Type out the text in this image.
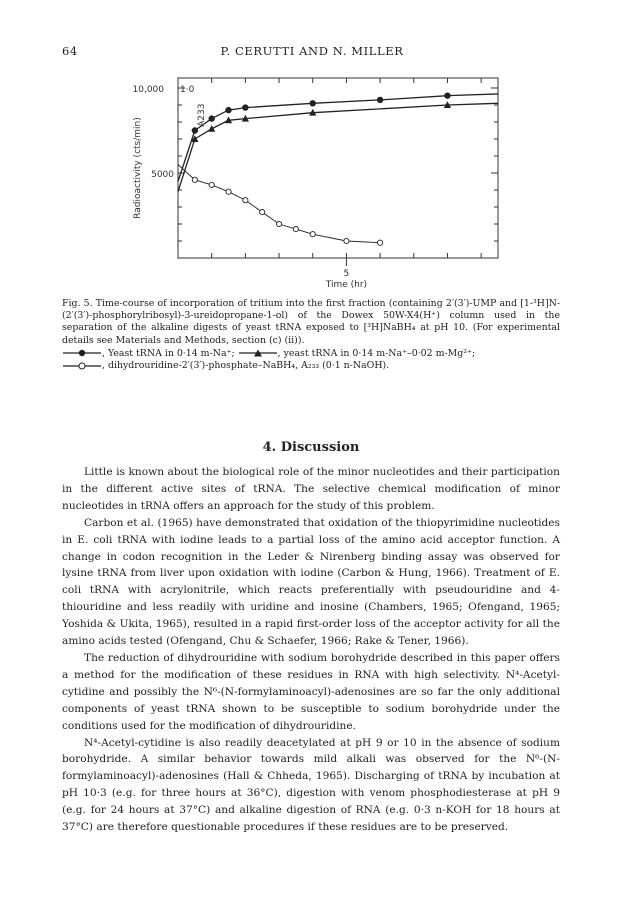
64	P. CERUTTI AND N. MILLER
Radioactivity (cts/min)
10,000
5000
1·0
A233
5
Time (hr)

Fig. 5. Time-course of incorporation of tritium into the first fraction (containing 2′(3′)-UMP and [1-³H]N-(2′(3′)-phosphorylribosyl)-3-ureidopropane-1-ol) of the Dowex 50W-X4(H⁺) column used in the separation of the alkaline digests of yeast tRNA exposed to [³H]NaBH₄ at pH 10. (For experimental details see Materials and Methods, section (c) (ii)).

, Yeast tRNA in 0·14 m-Na⁺;	, yeast tRNA in 0·14 m-Na⁺–0·02 m-Mg²⁺;
, dihydrouridine-2′(3′)-phosphate–NaBH₄, A₂₃₃ (0·1 n-NaOH).
4. Discussion

Little is known about the biological role of the minor nucleotides and their participation in the different active sites of tRNA. The selective chemical modification of minor nucleotides in tRNA offers an approach for the study of this problem.

Carbon et al. (1965) have demonstrated that oxidation of the thiopyrimidine nucleotides in E. coli tRNA with iodine leads to a partial loss of the amino acid acceptor function. A change in codon recognition in the Leder & Nirenberg binding assay was observed for lysine tRNA from liver upon oxidation with iodine (Carbon & Hung, 1966). Treatment of E. coli tRNA with acrylonitrile, which reacts preferentially with pseudouridine and 4-thiouridine and less readily with uridine and inosine (Chambers, 1965; Ofengand, 1965; Yoshida & Ukita, 1965), resulted in a rapid first-order loss of the acceptor activity for all the amino acids tested (Ofengand, Chu & Schaefer, 1966; Rake & Tener, 1966).

The reduction of dihydrouridine with sodium borohydride described in this paper offers a method for the modification of these residues in RNA with high selectivity. N⁴-Acetyl-cytidine and possibly the N⁶-(N-formylaminoacyl)-adenosines are so far the only additional components of yeast tRNA shown to be susceptible to sodium borohydride under the conditions used for the modification of dihydrouridine.

N⁴-Acetyl-cytidine is also readily deacetylated at pH 9 or 10 in the absence of sodium borohydride. A similar behavior towards mild alkali was observed for the N⁶-(N-formylaminoacyl)-adenosines (Hall & Chheda, 1965). Discharging of tRNA by incubation at pH 10·3 (e.g. for three hours at 36°C), digestion with venom phosphodiesterase at pH 9 (e.g. for 24 hours at 37°C) and alkaline digestion of RNA (e.g. 0·3 n-KOH for 18 hours at 37°C) are therefore questionable procedures if these residues are to be preserved.
